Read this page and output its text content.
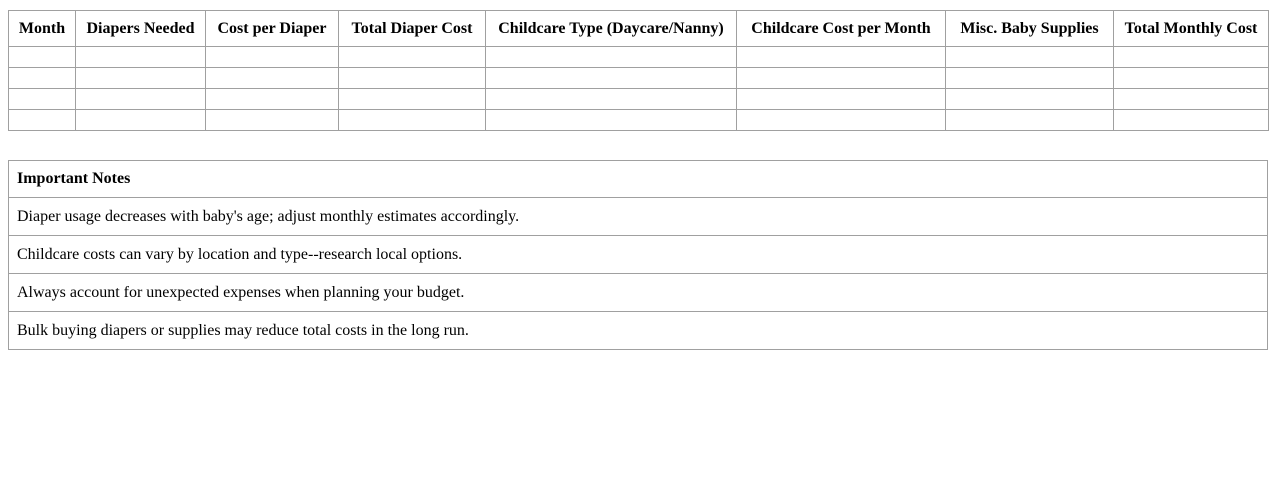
Month	Diapers Needed	Cost per Diaper	Total Diaper Cost	Childcare Type (Daycare/Nanny)	Childcare Cost per Month	Misc. Baby Supplies	Total Monthly Cost

Important Notes
Diaper usage decreases with baby's age; adjust monthly estimates accordingly.
Childcare costs can vary by location and type--research local options.
Always account for unexpected expenses when planning your budget.
Bulk buying diapers or supplies may reduce total costs in the long run.
